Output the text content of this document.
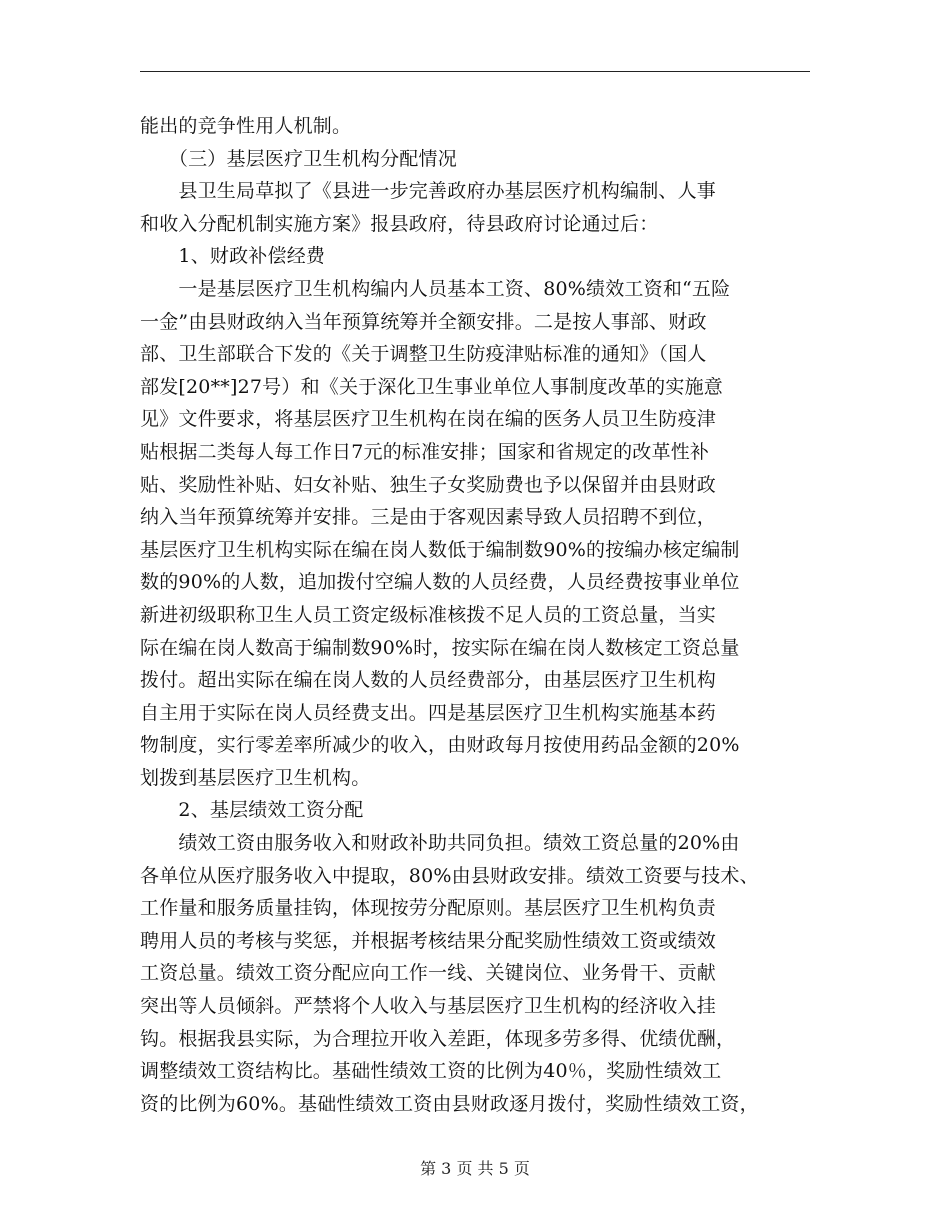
能出的竞争性用人机制。
　　（三）基层医疗卫生机构分配情况
　　县卫生局草拟了《县进一步完善政府办基层医疗机构编制、人事
和收入分配机制实施方案》报县政府，待县政府讨论通过后：
　　1、财政补偿经费
　　一是基层医疗卫生机构编内人员基本工资、80%绩效工资和“五险
一金”由县财政纳入当年预算统筹并全额安排。二是按人事部、财政
部、卫生部联合下发的《关于调整卫生防疫津贴标准的通知》（国人
部发[20**]27号）和《关于深化卫生事业单位人事制度改革的实施意
见》文件要求，将基层医疗卫生机构在岗在编的医务人员卫生防疫津
贴根据二类每人每工作日7元的标准安排；国家和省规定的改革性补
贴、奖励性补贴、妇女补贴、独生子女奖励费也予以保留并由县财政
纳入当年预算统筹并安排。三是由于客观因素导致人员招聘不到位，
基层医疗卫生机构实际在编在岗人数低于编制数90%的按编办核定编制
数的90%的人数，追加拨付空编人数的人员经费，人员经费按事业单位
新进初级职称卫生人员工资定级标准核拨不足人员的工资总量，当实
际在编在岗人数高于编制数90%时，按实际在编在岗人数核定工资总量
拨付。超出实际在编在岗人数的人员经费部分，由基层医疗卫生机构
自主用于实际在岗人员经费支出。四是基层医疗卫生机构实施基本药
物制度，实行零差率所减少的收入，由财政每月按使用药品金额的20%
划拨到基层医疗卫生机构。
　　2、基层绩效工资分配
　　绩效工资由服务收入和财政补助共同负担。绩效工资总量的20%由
各单位从医疗服务收入中提取，80%由县财政安排。绩效工资要与技术、
工作量和服务质量挂钩，体现按劳分配原则。基层医疗卫生机构负责
聘用人员的考核与奖惩，并根据考核结果分配奖励性绩效工资或绩效
工资总量。绩效工资分配应向工作一线、关键岗位、业务骨干、贡献
突出等人员倾斜。严禁将个人收入与基层医疗卫生机构的经济收入挂
钩。根据我县实际，为合理拉开收入差距，体现多劳多得、优绩优酬，
调整绩效工资结构比。基础性绩效工资的比例为40％，奖励性绩效工
资的比例为60%。基础性绩效工资由县财政逐月拨付，奖励性绩效工资，
第 3 页 共 5 页
